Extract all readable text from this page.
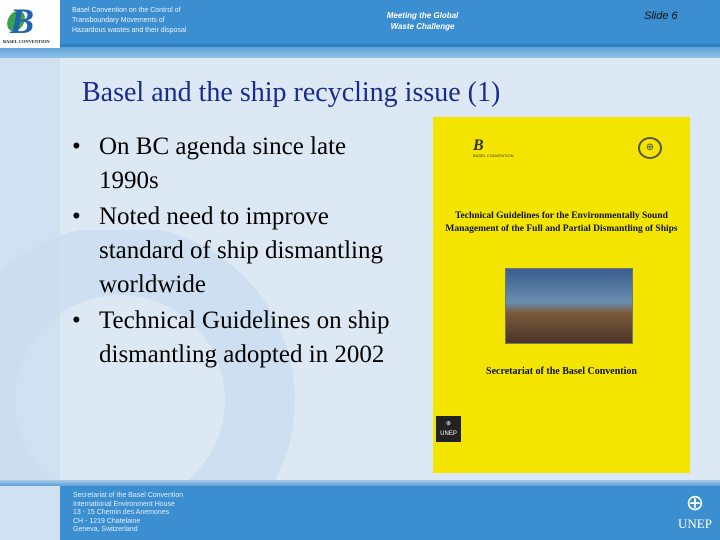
B
BASEL CONVENTION
Basel Convention on the Control of
Transboundary Movements of
Hazardous wastes and their disposal
Meeting the Global
Waste Challenge
Slide 6
Basel and the ship recycling issue (1)
• On BC agenda since late 1990s
• Noted need to improve standard of ship dismantling worldwide
• Technical Guidelines on ship dismantling adopted in 2002
B
BASEL CONVENTION
⊕
Technical Guidelines for the Environmentally Sound Management of the Full and Partial Dismantling of Ships
Secretariat of the Basel Convention
⊕
UNEP
Secretariat of the Basel Convention
International Environment House
13 - 15 Chemin des Anemones
CH - 1219 Chatelaine
Geneva, Switzerland
⊕
UNEP
